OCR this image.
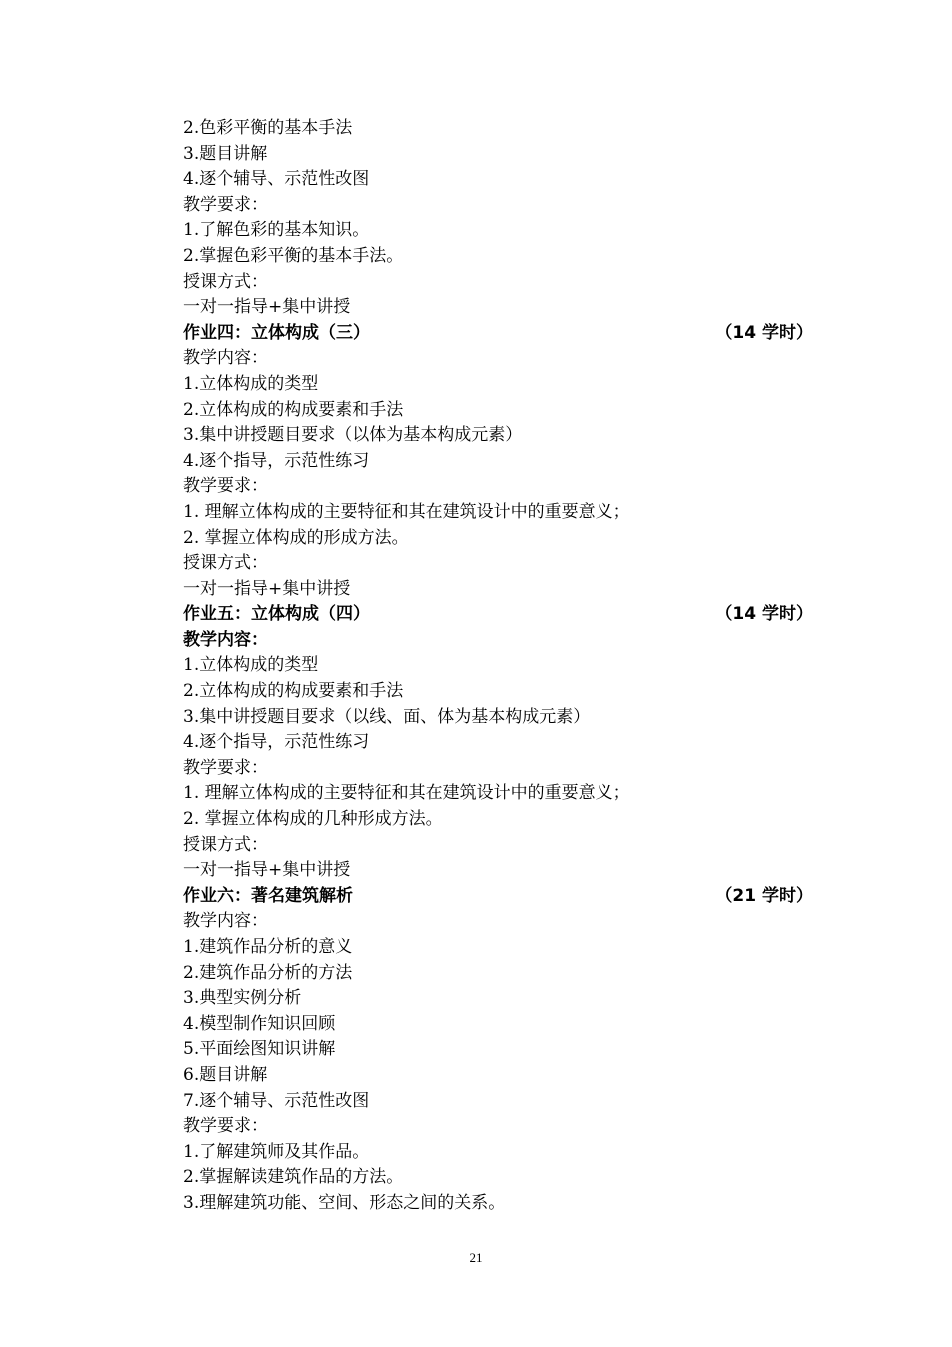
2.色彩平衡的基本手法
3.题目讲解
4.逐个辅导、示范性改图
教学要求：
1.了解色彩的基本知识。
2.掌握色彩平衡的基本手法。
授课方式：
一对一指导+集中讲授
作业四：立体构成（三）	（14 学时）
教学内容：
1.立体构成的类型
2.立体构成的构成要素和手法
3.集中讲授题目要求（以体为基本构成元素）
4.逐个指导，示范性练习
教学要求：
1. 理解立体构成的主要特征和其在建筑设计中的重要意义；
2. 掌握立体构成的形成方法。
授课方式：
一对一指导+集中讲授
作业五：立体构成（四）	（14 学时）
教学内容：
1.立体构成的类型
2.立体构成的构成要素和手法
3.集中讲授题目要求（以线、面、体为基本构成元素）
4.逐个指导，示范性练习
教学要求：
1. 理解立体构成的主要特征和其在建筑设计中的重要意义；
2. 掌握立体构成的几种形成方法。
授课方式：
一对一指导+集中讲授
作业六：著名建筑解析	（21 学时）
教学内容：
1.建筑作品分析的意义
2.建筑作品分析的方法
3.典型实例分析
4.模型制作知识回顾
5.平面绘图知识讲解
6.题目讲解
7.逐个辅导、示范性改图
教学要求：
1.了解建筑师及其作品。
2.掌握解读建筑作品的方法。
3.理解建筑功能、空间、形态之间的关系。
21
